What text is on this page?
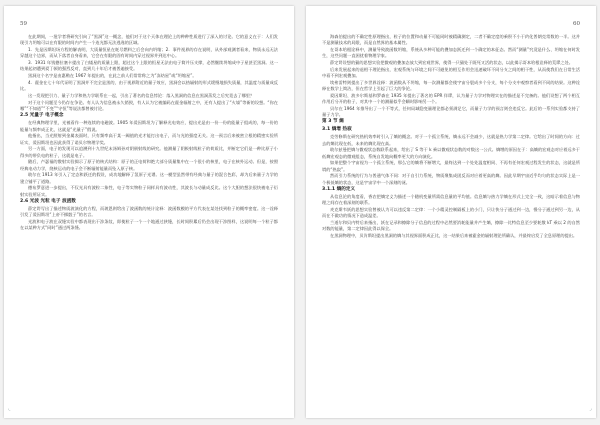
59

在此期间，一批学者将研究引向了“黑洞”这一概念，他们对于这个天体在理论上的种种性质进行了深入的讨论。它的意义在于：人们发现引力坍缩可以在有限的时间内产生一个连光都无法逃逸的区域。

1．先是因斯坦场方程的解表明，大质量恒星在耗尽燃料之后会向内坍缩；2．事件视界的存在说明，从外部观测者看来，物质永远无法穿越这个边界，而从下落者自身看来，它会在有限的固有时间内穿过视界并到达中心。

3．1931 年钱德拉塞卡提出了白矮星的质量上限，超过这个上限的恒星无法由电子简并压支撑，必然继续坍缩成中子星甚至黑洞。这一结果起初遭到爱丁顿的强烈反对，直到几十年后才被普遍接受。

黑洞这个名字是由惠勒在 1967 年提出的，在此之前人们常常称之为“冻结星”或“坍缩星”。

4．霍金在七十年代证明了黑洞并不完全是黑的，由于视界附近的量子效应，黑洞会以热辐射的形式缓慢地损失质量，其温度与质量成反比。

这一发现把引力、量子力学和热力学联系在一起，引出了著名的信息悖论：落入黑洞的信息在黑洞蒸发之后究竟去了哪里？

对于这个问题至今仍存在争论。有人认为信息被永久销毁，有人认为它被编码在霍金辐射之中，还有人提出了“火墙”等新的设想。“你在哪”“不知道”“不变”“守恒”等说法都曾被讨论。

2.5 光量子 电子概念

在经典物理学里，光被看作一种连续的电磁波。1905 年爱因斯坦为了解释光电效应，提出光是由一份一份的能量子组成的，每一份的能量与频率成正比，这就是“光量子”假说。

他指出，当光照射到金属表面时，只有频率高于某一阈值的光才能打出电子，而与光的强度无关。这一预言后来被密立根的精密实验所证实，爱因斯坦也因此获得了诺贝尔物理学奖。

另一方面，电子的发现可以追溯到十九世纪末汤姆孙对阴极射线的研究。他测量了阴极射线粒子的荷质比，并断定它们是一种比原子小得多的带负电的粒子，这就是电子。

随后，卢瑟福的散射实验揭示了原子的核式结构：原子的正电荷和绝大部分质量集中在一个很小的核里，电子在核外运动。但是，按照经典电动力学，绕核运动的电子会不断辐射能量而坠入原子核。

玻尔在 1913 年引入了定态和跃迁的假设，成功地解释了氢原子光谱。这一模型虽然带有经典与量子的混合色彩，却为后来量子力学的建立铺平了道路。

德布罗意进一步提出，不仅光具有波粒二象性，电子等实物粒子同样具有波动性，其波长与动量成反比。这个大胆的想法很快被电子衍射实验所证实。

2.6 光波 光粒 电子 波函数

薛定谔写出了描述物质波演化的方程，而玻恩则给出了波函数的统计诠释：波函数模的平方代表在某处找到粒子的概率密度。这一诠释引发了爱因斯坦“上帝不掷骰子”的名言。

光波和电子波在双缝实验中都表现出干涉条纹，即使粒子一个一个地通过狭缝，长时间积累后仍会出现干涉图样，这说明每一个粒子都在以某种方式“同时”通过两条缝。

◟
60

海森伯提出的不确定性原理指出，粒子的位置和动量不可能同时被精确测定，二者不确定度的乘积不小于约化普朗克常数的一半。这并不是测量技术的局限，而是自然界的基本属性。

在哥本哈根诠释中，测量导致波函数坍缩，系统从多种可能的叠加态跃迁到一个确定的本征态。然而“测量”究竟是什么、坍缩在何时发生，这些问题一直困扰着物理学家。

薛定谔设想的猫的思想实验把微观的叠加态放大到宏观世界，使得一只猫处于既死又活的状态，以此揭示哥本哈根诠释的荒谬之处。

后来发展起来的退相干理论指出，宏观系统与环境之间不可避免的相互作用会迅速破坏不同分支之间的相干性，从而使我们在日常生活中看不到宏观叠加。

埃弗雷特则提出了多世界诠释：波函数从不坍缩，每一次测量都会使宇宙分裂成多个分支，每个分支中观察者看到不同的结果。这种诠释在数学上简洁，但在哲学上引起了巨大的争论。

爱因斯坦、波多尔斯基和罗森在 1935 年提出了著名的 EPR 佯谬，认为量子力学对物理实在的描述是不完备的。他们设想了两个相互作用后分开的粒子，对其中一个的测量似乎会瞬时影响另一个。

贝尔在 1964 年推导出了一个不等式，任何局域隐变量理论都必须满足它，而量子力学的预言则会违反它。此后的一系列实验都支持了量子力学。

第 3 节 熵

3.1 熵增 热寂

克劳修斯在研究热机效率时引入了熵的概念。对于一个孤立系统，熵永远不会减少，这就是热力学第二定律。它给出了时间的方向：过去的熵比现在低，未来的熵比现在高。

玻尔兹曼把熵与微观状态数联系起来，给出了 S 等于 k 乘以微观状态数的对数这一公式。熵增的原因在于：高熵的宏观态对应着远多于低熵宏观态的微观组态，系统自发地向概率更大的方向演化。

如果把整个宇宙视为一个孤立系统，那么它的熵将不断增大，最终达到一个处处温度相同、不再有任何宏观过程发生的状态，这就是所谓的“热寂”。

然而引力系统的行为与普通气体不同：对于自引力系统，物质聚集成团反而对应着更高的熵。因此早期宇宙近乎均匀的状态实际上是一个极低熵的状态，这是宇宙学中一个深刻的谜。

3.1.1 熵的定义

从信息论的角度看，香农把熵定义为描述一个随机变量所需信息量的平均值。信息熵与热力学熵在形式上完全一致，这暗示着信息与物理之间存在着深刻的联系。

麦克斯韦妖的思想实验曾被认为可以违反第二定律：一个小精灵控制隔板上的小门，只让快分子通过到一边，慢分子通过到另一边，从而在不做功的情况下造成温差。

兰道尔和贝内特后来指出，妖在记录和擦除分子信息的过程中必然要消耗能量并产生熵，擦除一比特信息至少要耗散 kT 乘以 2 的自然对数的能量，第二定律因此得以保全。

在黑洞物理中，贝肯斯坦提出黑洞的熵与其视界面积成正比，这一结果后来被霍金的辐射理论所确认，并最终启发了全息原理的提出。

◞
